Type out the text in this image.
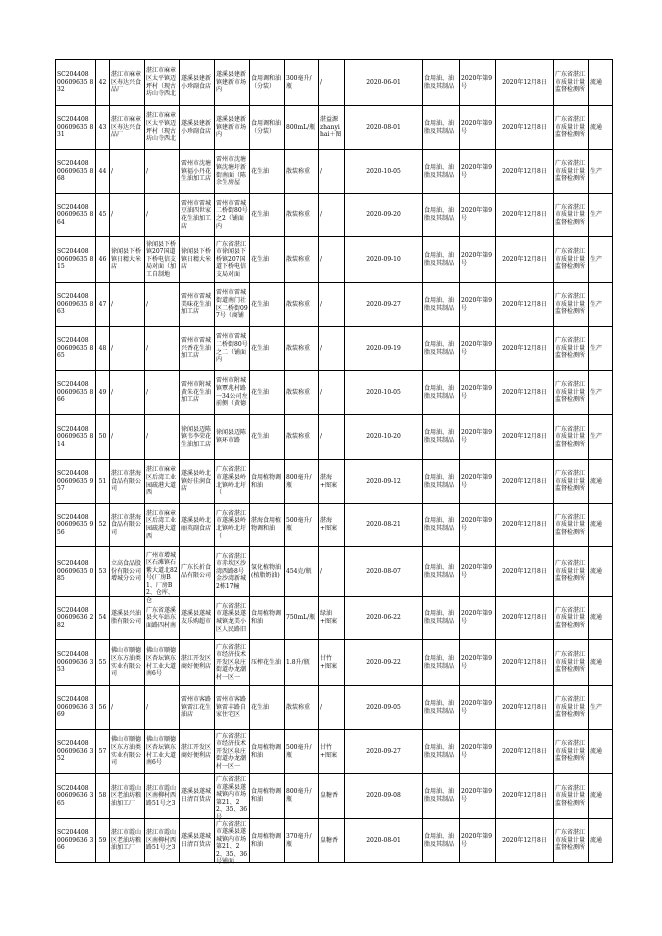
SC204408 00609635 832	42	湛江市麻章区寿达兴食品厂	湛江市麻章区太平镇迈坪村（现古坊山寺西北	遂溪县建新小珍副食店	遂溪县建新镇建新市场内	食用调和油（分装）	300毫升/瓶	/	2020-06-01	食用油、油脂及其制品	2020年第9号	2020年12月8日	广东省湛江市质量计量监督检测所	流通
SC204408 00609635 831	43	湛江市麻章区寿达兴食品厂	湛江市麻章区太平镇迈坪村（现古坊山寺西北	遂溪县建新小珍副食店	遂溪县建新镇建新市场内	食用调和油（分装）	800mL/瓶	湛益源 zhanyihai＋图	2020-08-01	食用油、油脂及其制品	2020年第9号	2020年12月8日	广东省湛江市质量计量监督检测所	流通
SC204408 00609635 868	44	/	/	雷州市沈塘镇福小丹花生油加工店	雷州市沈塘镇沈塘圩新街南面（陈余生房屋	花生油	散装称重	/	2020-10-05	食用油、油脂及其制品	2020年第9号	2020年12月8日	广东省湛江市质量计量监督检测所	生产
SC204408 00609635 864	45	/	/	雷州市雷城豆油四世家花生油加工店	雷州市雷城二桥街80号之2（铺面内	花生油	散装称重	/	2020-09-20	食用油、油脂及其制品	2020年第9号	2020年12月8日	广东省湛江市质量计量监督检测所	生产
SC204408 00609635 815	46	徐闻县下桥镇日精大米店	徐闻县下桥镇207国道下桥电信支局对面（加工自制地	徐闻县下桥镇日精大米店	广东省湛江市徐闻县下桥镇207国道下桥电信支局对面	花生油	散装称重	/	2020-09-10	食用油、油脂及其制品	2020年第9号	2020年12月8日	广东省湛江市质量计量监督检测所	生产
SC204408 00609635 863	47	/	/	雷州市雷城美味花生油加工店	雷州市雷城街道南门社区二桥街097号（商铺	花生油	散装称重	/	2020-09-27	食用油、油脂及其制品	2020年第9号	2020年12月8日	广东省湛江市质量计量监督检测所	生产
SC204408 00609635 865	48	/	/	雷州市雷城兴香花生油加工店	雷州市雷城二桥街80号之二（铺面内	花生油	散装称重	/	2020-09-19	食用油、油脂及其制品	2020年第9号	2020年12月8日	广东省湛江市质量计量监督检测所	生产
SC204408 00609635 866	49	/	/	雷州市附城黄朱花生油加工店	雷州市附城镇覃兆村路一34公司左前侧（黄德	花生油	散装称重	/	2020-10-05	食用油、油脂及其制品	2020年第9号	2020年12月8日	广东省湛江市质量计量监督检测所	生产
SC204408 00609635 814	50	/	/	徐闻县迈陈镇韦李荣花生油加工店	徐闻县迈陈镇环市路	花生油	散装称重	/	2020-10-20	食用油、油脂及其制品	2020年第9号	2020年12月8日	广东省湛江市质量计量监督检测所	生产
SC204408 00609635 957	51	湛江市湛海食品有限公司	湛江市麻章区后湾工业园疏港大道西	遂溪县岭北镇好佳润食店	广东省湛江市遂溪县岭北镇岭北圩（	食用植物调和油	800毫升/瓶	湛海+图案	2020-09-12	食用油、油脂及其制品	2020年第9号	2020年12月8日	广东省湛江市质量计量监督检测所	流通
SC204408 00609635 956	52	湛江市湛海食品有限公司	湛江市麻章区后湾工业园疏港大道西	遂溪县岭北丽英副食店	广东省湛江市遂溪县岭北镇岭北圩（	湛海食用植物调和油	500毫升/瓶	湛海+图案	2020-08-21	食用油、油脂及其制品	2020年第9号	2020年12月8日	广东省湛江市质量计量监督检测所	流通
SC204408 00609635 085	53	立高食品股份有限公司增城分公司	广州市增城区石滩镇石紫大道北82号(厂房B1、厂房B2、仓库、仓	广东长折食品有限公司	广东省湛江市赤坎区沙湾西路8号金沙湾新城2栋17幢	氢化植物油(植脂奶油)	454克/瓶	/	2020-08-07	食用油、油脂及其制品	2020年第9号	2020年12月8日	广东省湛江市质量计量监督检测所	流通
SC204408 00609636 282	54	遂溪县兴油脂有限公司	广东省遂溪县火车站东面路四村南	遂溪县遂城友乐购超市	广东省湛江市遂溪县遂城镇龙美小区人民路旧	食用植物调和油	750mL/瓶	绿油+图案	2020-06-22	食用油、油脂及其制品	2020年第9号	2020年12月8日	广东省湛江市质量计量监督检测所	流通
SC204408 00609636 353	55	佛山市顺德区东方油类实业有限公司	佛山市顺德区杏坛镇东村工业大道南6号	湛江开发区商好便利店	广东省湛江市经济技术开发区泉庄街道办龙潮村一区一	压榨花生油	1.8升/瓶	甘竹+图案	2020-09-22	食用油、油脂及其制品	2020年第9号	2020年12月8日	广东省湛江市质量计量监督检测所	流通
SC204408 00609636 369	56	/	/	雷州市客路镇雷江花生油店	雷州市客路镇雷丰路自家住宅区	花生油	散装称重	/	2020-09-05	食用油、油脂及其制品	2020年第9号	2020年12月8日	广东省湛江市质量计量监督检测所	生产
SC204408 00609636 352	57	佛山市顺德区东方油类实业有限公司	佛山市顺德区杏坛镇东村工业大道南6号	湛江开发区商好便利店	广东省湛江市经济技术开发区泉庄街道办龙潮村一区一	食用植物调和油	500毫升/瓶	甘竹+图案	2020-09-27	食用油、油脂及其制品	2020年第9号	2020年12月8日	广东省湛江市质量计量监督检测所	流通
SC204408 00609636 365	58	湛江市霞山区老油坊粮油加工厂	湛江市霞山区南柳村西路51号之3	遂溪县遂城日清百货店	广东省湛江市遂溪县遂城镇内市场第21、22、35、36号	食用植物调和油	800毫升/瓶	皇糖香	2020-09-08	食用油、油脂及其制品	2020年第9号	2020年12月8日	广东省湛江市质量计量监督检测所	流通
SC204408 00609636 366	59	湛江市霞山区老油坊粮油加工厂	湛江市霞山区南柳村西路51号之3	遂溪县遂城日清百货店	广东省湛江市遂溪县遂城镇内市场第21、22、35、36号铺面	食用植物调和油	370毫升/瓶	皇糖香	2020-08-01	食用油、油脂及其制品	2020年第9号	2020年12月8日	广东省湛江市质量计量监督检测所	流通
